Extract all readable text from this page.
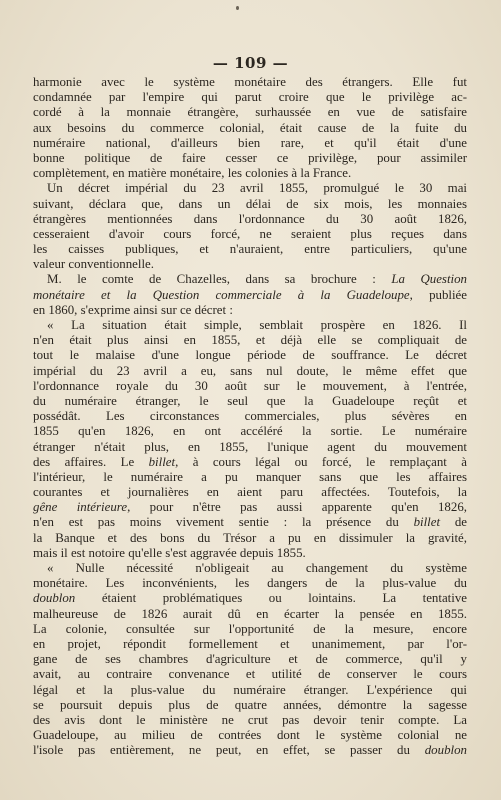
— 109 —
harmonie avec le système monétaire des étrangers. Elle fut
condamnée par l'empire qui parut croire que le privilège ac-
cordé à la monnaie étrangère, surhaussée en vue de satisfaire
aux besoins du commerce colonial, était cause de la fuite du
numéraire national, d'ailleurs bien rare, et qu'il était d'une
bonne politique de faire cesser ce privilège, pour assimiler
complètement, en matière monétaire, les colonies à la France.
Un décret impérial du 23 avril 1855, promulgué le 30 mai
suivant, déclara que, dans un délai de six mois, les monnaies
étrangères mentionnées dans l'ordonnance du 30 août 1826,
cesseraient d'avoir cours forcé, ne seraient plus reçues dans
les caisses publiques, et n'auraient, entre particuliers, qu'une
valeur conventionnelle.
M. le comte de Chazelles, dans sa brochure : La Question
monétaire et la Question commerciale à la Guadeloupe, publiée
en 1860, s'exprime ainsi sur ce décret :
« La situation était simple, semblait prospère en 1826. Il
n'en était plus ainsi en 1855, et déjà elle se compliquait de
tout le malaise d'une longue période de souffrance. Le décret
impérial du 23 avril a eu, sans nul doute, le même effet que
l'ordonnance royale du 30 août sur le mouvement, à l'entrée,
du numéraire étranger, le seul que la Guadeloupe reçût et
possédât. Les circonstances commerciales, plus sévères en
1855 qu'en 1826, en ont accéléré la sortie. Le numéraire
étranger n'était plus, en 1855, l'unique agent du mouvement
des affaires. Le billet, à cours légal ou forcé, le remplaçant à
l'intérieur, le numéraire a pu manquer sans que les affaires
courantes et journalières en aient paru affectées. Toutefois, la
gêne intérieure, pour n'être pas aussi apparente qu'en 1826,
n'en est pas moins vivement sentie : la présence du billet de
la Banque et des bons du Trésor a pu en dissimuler la gravité,
mais il est notoire qu'elle s'est aggravée depuis 1855.
« Nulle nécessité n'obligeait au changement du système
monétaire. Les inconvénients, les dangers de la plus-value du
doublon étaient problématiques ou lointains. La tentative
malheureuse de 1826 aurait dû en écarter la pensée en 1855.
La colonie, consultée sur l'opportunité de la mesure, encore
en projet, répondit formellement et unanimement, par l'or-
gane de ses chambres d'agriculture et de commerce, qu'il y
avait, au contraire convenance et utilité de conserver le cours
légal et la plus-value du numéraire étranger. L'expérience qui
se poursuit depuis plus de quatre années, démontre la sagesse
des avis dont le ministère ne crut pas devoir tenir compte. La
Guadeloupe, au milieu de contrées dont le système colonial ne
l'isole pas entièrement, ne peut, en effet, se passer du doublon
